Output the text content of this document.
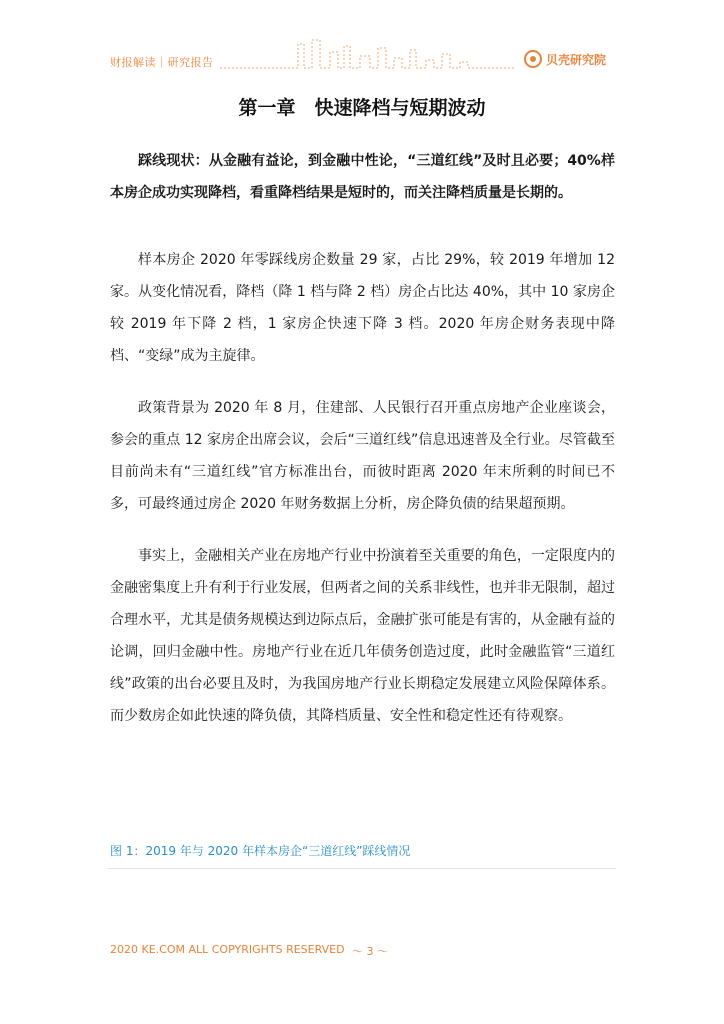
财报解读｜研究报告	贝壳研究院
第一章　快速降档与短期波动

踩线现状：从金融有益论，到金融中性论，“三道红线”及时且必要；40%样本房企成功实现降档，看重降档结果是短时的，而关注降档质量是长期的。

样本房企 2020 年零踩线房企数量 29 家，占比 29%，较 2019 年增加 12 家。从变化情况看，降档（降 1 档与降 2 档）房企占比达 40%，其中 10 家房企较 2019 年下降 2 档，1 家房企快速下降 3 档。2020 年房企财务表现中降档、“变绿”成为主旋律。

政策背景为 2020 年 8 月，住建部、人民银行召开重点房地产企业座谈会，参会的重点 12 家房企出席会议，会后“三道红线”信息迅速普及全行业。尽管截至目前尚未有“三道红线”官方标准出台，而彼时距离 2020 年末所剩的时间已不多，可最终通过房企 2020 年财务数据上分析，房企降负债的结果超预期。

事实上，金融相关产业在房地产行业中扮演着至关重要的角色，一定限度内的金融密集度上升有利于行业发展，但两者之间的关系非线性，也并非无限制，超过合理水平，尤其是债务规模达到边际点后，金融扩张可能是有害的，从金融有益的论调，回归金融中性。房地产行业在近几年债务创造过度，此时金融监管“三道红线”政策的出台必要且及时，为我国房地产行业长期稳定发展建立风险保障体系。而少数房企如此快速的降负债，其降档质量、安全性和稳定性还有待观察。

图 1：2019 年与 2020 年样本房企“三道红线”踩线情况
2020 KE.COM ALL COPYRIGHTS RESERVED ～ 3 ～
